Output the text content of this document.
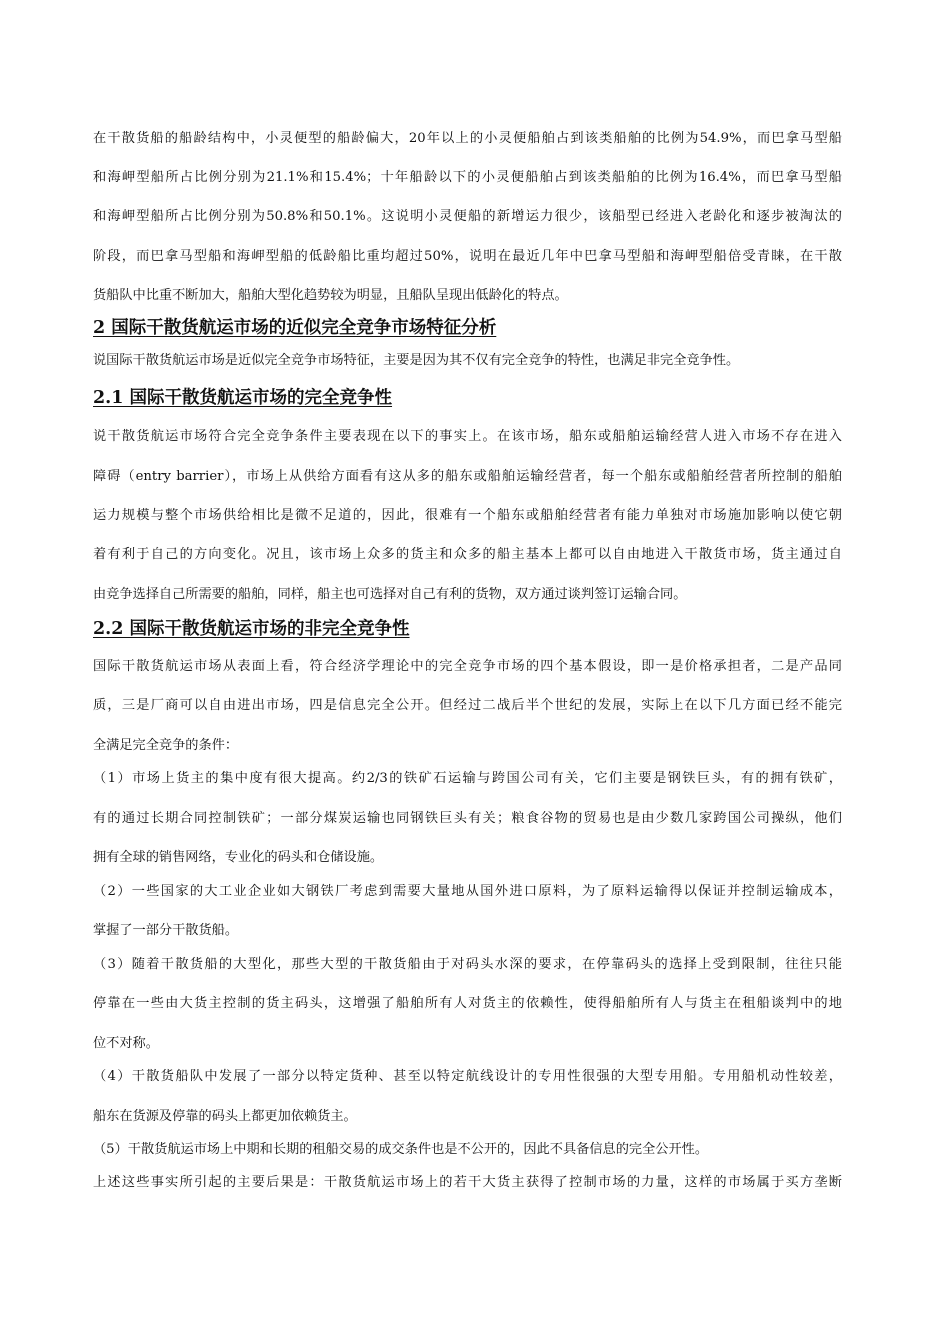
在干散货船的船龄结构中，小灵便型的船龄偏大，20年以上的小灵便船舶占到该类船舶的比例为54.9%，而巴拿马型船
和海岬型船所占比例分别为21.1%和15.4%；十年船龄以下的小灵便船舶占到该类船舶的比例为16.4%，而巴拿马型船
和海岬型船所占比例分别为50.8%和50.1%。这说明小灵便船的新增运力很少，该船型已经进入老龄化和逐步被淘汰的
阶段，而巴拿马型船和海岬型船的低龄船比重均超过50%，说明在最近几年中巴拿马型船和海岬型船倍受青睐，在干散
货船队中比重不断加大，船舶大型化趋势较为明显，且船队呈现出低龄化的特点。
2 国际干散货航运市场的近似完全竞争市场特征分析
说国际干散货航运市场是近似完全竞争市场特征，主要是因为其不仅有完全竞争的特性，也满足非完全竞争性。
2.1 国际干散货航运市场的完全竞争性
说干散货航运市场符合完全竞争条件主要表现在以下的事实上。在该市场，船东或船舶运输经营人进入市场不存在进入
障碍（entry barrier），市场上从供给方面看有这从多的船东或船舶运输经营者，每一个船东或船舶经营者所控制的船舶
运力规模与整个市场供给相比是微不足道的，因此，很难有一个船东或船舶经营者有能力单独对市场施加影响以使它朝
着有利于自己的方向变化。况且，该市场上众多的货主和众多的船主基本上都可以自由地进入干散货市场，货主通过自
由竞争选择自己所需要的船舶，同样，船主也可选择对自己有利的货物，双方通过谈判签订运输合同。
2.2 国际干散货航运市场的非完全竞争性
国际干散货航运市场从表面上看，符合经济学理论中的完全竞争市场的四个基本假设，即一是价格承担者，二是产品同
质，三是厂商可以自由进出市场，四是信息完全公开。但经过二战后半个世纪的发展，实际上在以下几方面已经不能完
全满足完全竞争的条件：
（1）市场上货主的集中度有很大提高。约2/3的铁矿石运输与跨国公司有关，它们主要是钢铁巨头，有的拥有铁矿，
有的通过长期合同控制铁矿；一部分煤炭运输也同钢铁巨头有关；粮食谷物的贸易也是由少数几家跨国公司操纵，他们
拥有全球的销售网络，专业化的码头和仓储设施。
（2）一些国家的大工业企业如大钢铁厂考虑到需要大量地从国外进口原料，为了原料运输得以保证并控制运输成本，
掌握了一部分干散货船。
（3）随着干散货船的大型化，那些大型的干散货船由于对码头水深的要求，在停靠码头的选择上受到限制，往往只能
停靠在一些由大货主控制的货主码头，这增强了船舶所有人对货主的依赖性，使得船舶所有人与货主在租船谈判中的地
位不对称。
（4）干散货船队中发展了一部分以特定货种、甚至以特定航线设计的专用性很强的大型专用船。专用船机动性较差，
船东在货源及停靠的码头上都更加依赖货主。
（5）干散货航运市场上中期和长期的租船交易的成交条件也是不公开的，因此不具备信息的完全公开性。
上述这些事实所引起的主要后果是：干散货航运市场上的若干大货主获得了控制市场的力量，这样的市场属于买方垄断
